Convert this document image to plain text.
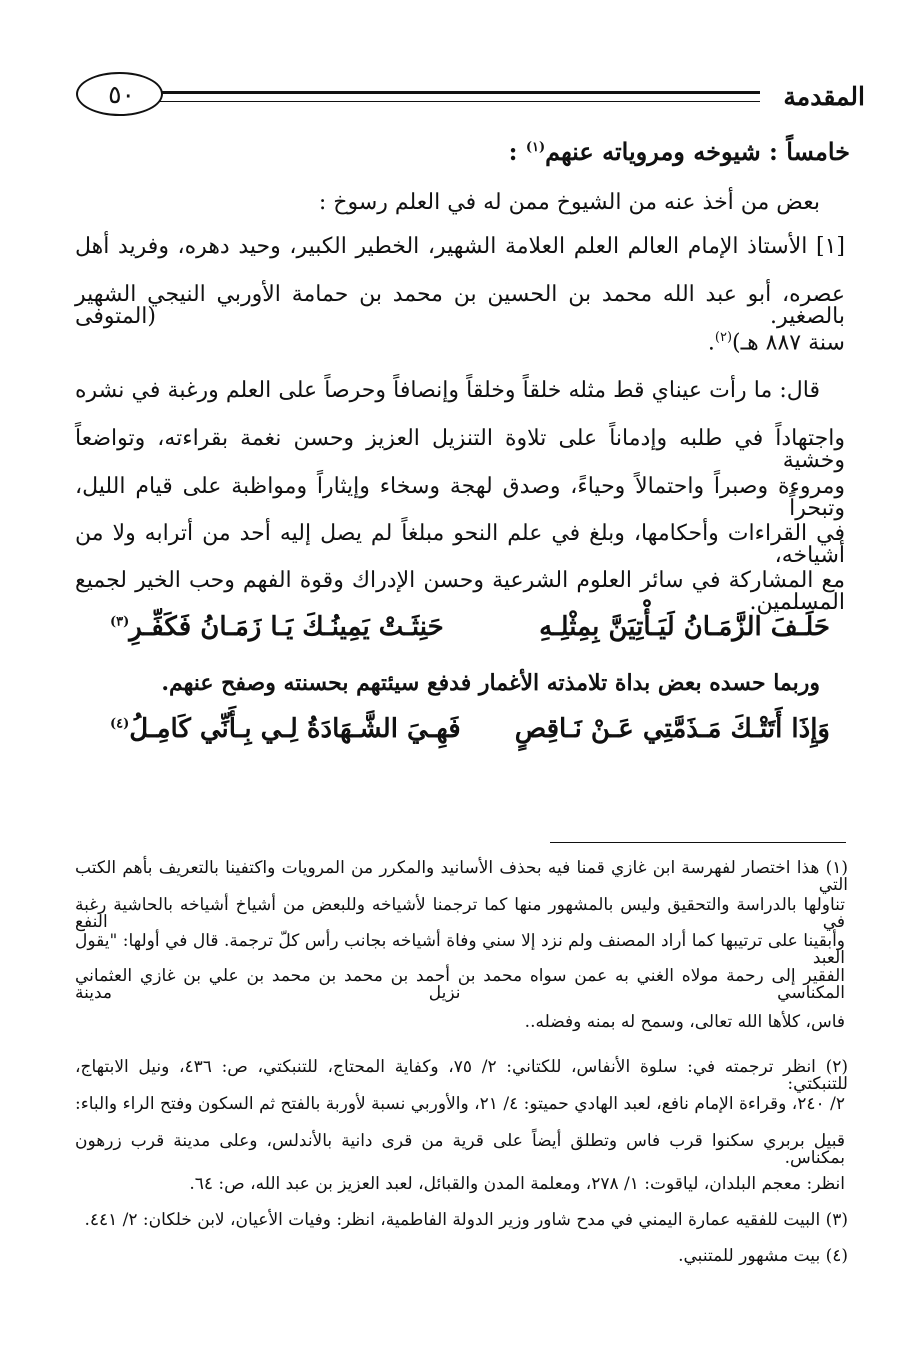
المقدمة
٥٠
خامساً : شيوخه ومروياته عنهم$^{(١)}$ :
بعض من أخذ عنه من الشيوخ ممن له في العلم رسوخ :
[١] الأستاذ الإمام العالم العلم العلامة الشهير، الخطير الكبير، وحيد دهره، وفريد أهل
عصره، أبو عبد الله محمد بن الحسين بن محمد بن حمامة الأوربي النيجي الشهير بالصغير. (المتوفى
سنة ٨٨٧ هـ)$^{(٢)}$.
قال: ما رأت عيناي قط مثله خلقاً وخلقاً وإنصافاً وحرصاً على العلم ورغبة في نشره
واجتهاداً في طلبه وإدماناً على تلاوة التنزيل العزيز وحسن نغمة بقراءته، وتواضعاً وخشية
ومروءة وصبراً واحتمالاً وحياءً، وصدق لهجة وسخاء وإيثاراً ومواظبة على قيام الليل، وتبحراً
في القراءات وأحكامها، وبلغ في علم النحو مبلغاً لم يصل إليه أحد من أترابه ولا من أشياخه،
مع المشاركة في سائر العلوم الشرعية وحسن الإدراك وقوة الفهم وحب الخير لجميع المسلمين.
حَلَـفَ الزَّمَـانُ لَيَـأْتِيَنَّ بِمِثْلِـهِ
حَنِثَـتْ يَمِينُـكَ يَـا زَمَـانُ فَكَفِّـرِ$^{(٣)}$
وربما حسده بعض بداة تلامذته الأغمار فدفع سيئتهم بحسنته وصفح عنهم.
وَإِذَا أَتَتْـكَ مَـذَمَّتِي عَـنْ نَـاقِصٍ
فَهِـيَ الشَّـهَادَةُ لِـي بِـأَنِّي كَامِـلُ$^{(٤)}$
(١) هذا اختصار لفهرسة ابن غازي قمنا فيه بحذف الأسانيد والمكرر من المرويات واكتفينا بالتعريف بأهم الكتب التي
تناولها بالدراسة والتحقيق وليس بالمشهور منها كما ترجمنا لأشياخه وللبعض من أشياخ أشياخه بالحاشية رغبة في النفع
وأبقينا على ترتيبها كما أراد المصنف ولم نزد إلا سني وفاة أشياخه بجانب رأس كلّ ترجمة. قال في أولها: "يقول العبد
الفقير إلى رحمة مولاه الغني به عمن سواه محمد بن أحمد بن محمد بن محمد بن علي بن غازي العثماني المكناسي نزيل مدينة
فاس، كلأها الله تعالى، وسمح له بمنه وفضله..
(٢) انظر ترجمته في: سلوة الأنفاس، للكتاني: ٢/ ٧٥، وكفاية المحتاج، للتنبكتي، ص: ٤٣٦، ونيل الابتهاج، للتنبكتي:
٢/ ٢٤٠، وقراءة الإمام نافع، لعبد الهادي حميتو: ٤/ ٢١، والأوربي نسبة لأوربة بالفتح ثم السكون وفتح الراء والباء:
قبيل بربري سكنوا قرب فاس وتطلق أيضاً على قرية من قرى دانية بالأندلس، وعلى مدينة قرب زرهون بمكناس.
انظر: معجم البلدان، لياقوت: ١/ ٢٧٨، ومعلمة المدن والقبائل، لعبد العزيز بن عبد الله، ص: ٦٤.
(٣) البيت للفقيه عمارة اليمني في مدح شاور وزير الدولة الفاطمية، انظر: وفيات الأعيان، لابن خلكان: ٢/ ٤٤١.
(٤) بيت مشهور للمتنبي.
